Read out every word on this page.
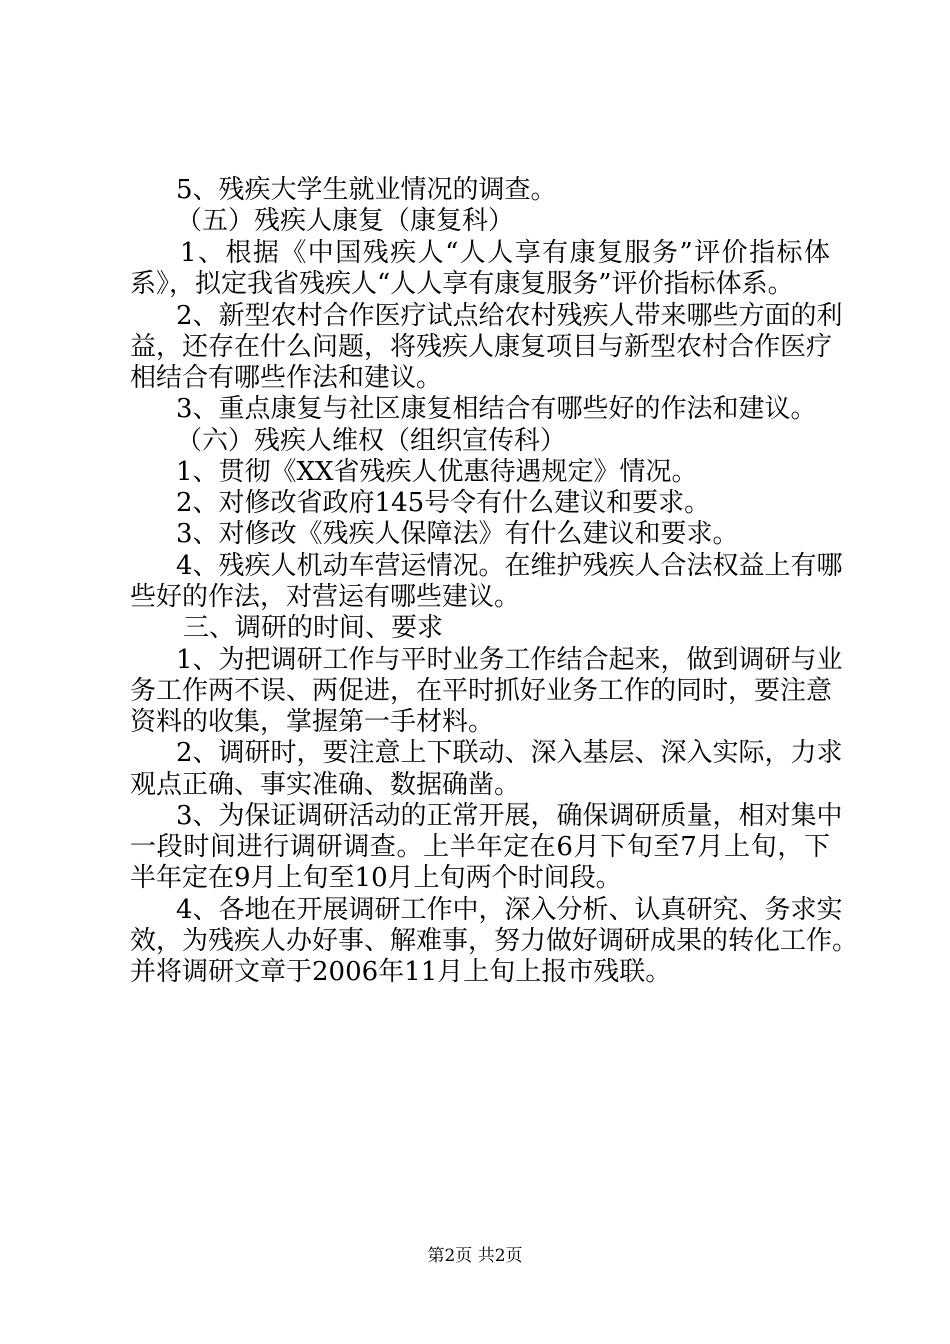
5、残疾大学生就业情况的调查。
（五）残疾人康复（康复科）
1、根据《中国残疾人“人人享有康复服务”评价指标体
系》，拟定我省残疾人“人人享有康复服务”评价指标体系。
2、新型农村合作医疗试点给农村残疾人带来哪些方面的利
益，还存在什么问题，将残疾人康复项目与新型农村合作医疗
相结合有哪些作法和建议。
3、重点康复与社区康复相结合有哪些好的作法和建议。
（六）残疾人维权（组织宣传科）
1、贯彻《XX省残疾人优惠待遇规定》情况。
2、对修改省政府145号令有什么建议和要求。
3、对修改《残疾人保障法》有什么建议和要求。
4、残疾人机动车营运情况。在维护残疾人合法权益上有哪
些好的作法，对营运有哪些建议。
三、调研的时间、要求
1、为把调研工作与平时业务工作结合起来，做到调研与业
务工作两不误、两促进，在平时抓好业务工作的同时，要注意
资料的收集，掌握第一手材料。
2、调研时，要注意上下联动、深入基层、深入实际，力求
观点正确、事实准确、数据确凿。
3、为保证调研活动的正常开展，确保调研质量，相对集中
一段时间进行调研调查。上半年定在6月下旬至7月上旬，下
半年定在9月上旬至10月上旬两个时间段。
4、各地在开展调研工作中，深入分析、认真研究、务求实
效，为残疾人办好事、解难事，努力做好调研成果的转化工作。
并将调研文章于2006年11月上旬上报市残联。
第2页 共2页
